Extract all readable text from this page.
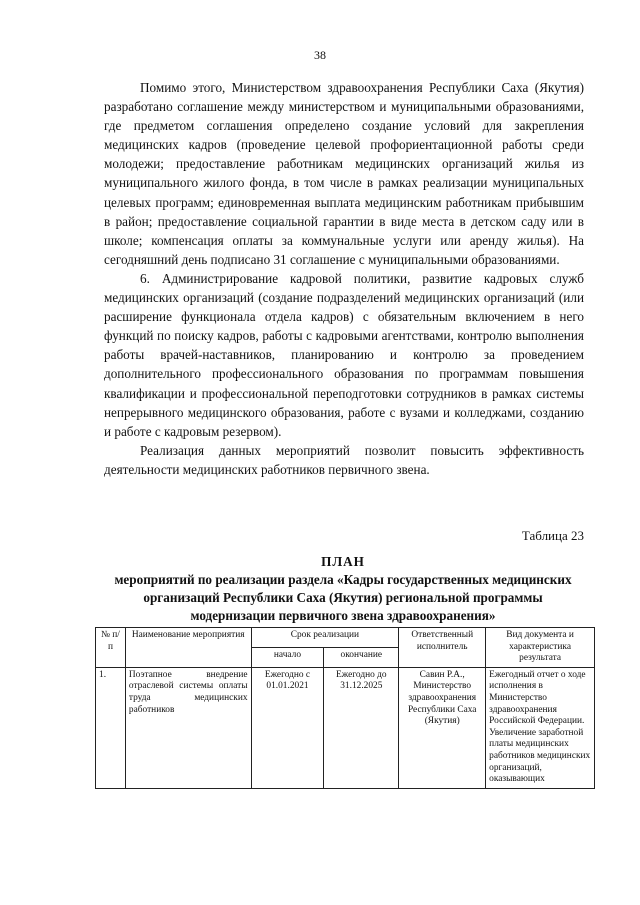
38

Помимо этого, Министерством здравоохранения Республики Саха (Якутия) разработано соглашение между министерством и муниципальными образованиями, где предметом соглашения определено создание условий для закрепления медицинских кадров (проведение целевой профориентационной работы среди молодежи; предоставление работникам медицинских организаций жилья из муниципального жилого фонда, в том числе в рамках реализации муниципальных целевых программ; единовременная выплата медицинским работникам прибывшим в район; предоставление социальной гарантии в виде места в детском саду или в школе; компенсация оплаты за коммунальные услуги или аренду жилья). На сегодняшний день подписано 31 соглашение с муниципальными образованиями.

6. Администрирование кадровой политики, развитие кадровых служб медицинских организаций (создание подразделений медицинских организаций (или расширение функционала отдела кадров) с обязательным включением в него функций по поиску кадров, работы с кадровыми агентствами, контролю выполнения работы врачей-наставников, планированию и контролю за проведением дополнительного профессионального образования по программам повышения квалификации и профессиональной переподготовки сотрудников в рамках системы непрерывного медицинского образования, работе с вузами и колледжами, созданию и работе с кадровым резервом).

Реализация данных мероприятий позволит повысить эффективность деятельности медицинских работников первичного звена.

Таблица 23
ПЛАН
мероприятий по реализации раздела «Кадры государственных медицинских организаций Республики Саха (Якутия) региональной программы модернизации первичного звена здравоохранения»
№ п/п	Наименование мероприятия	Срок реализации		Ответственный исполнитель	Вид документа и характеристика результата
		начало	окончание		
1.	Поэтапное внедрение отраслевой системы оплаты труда медицинских работников	Ежегодно с 01.01.2021	Ежегодно до 31.12.2025	Савин Р.А., Министерство здравоохранения Республики Саха (Якутия)	Ежегодный отчет о ходе исполнения в Министерство здравоохранения Российской Федерации. Увеличение заработной платы медицинских работников медицинских организаций, оказывающих
